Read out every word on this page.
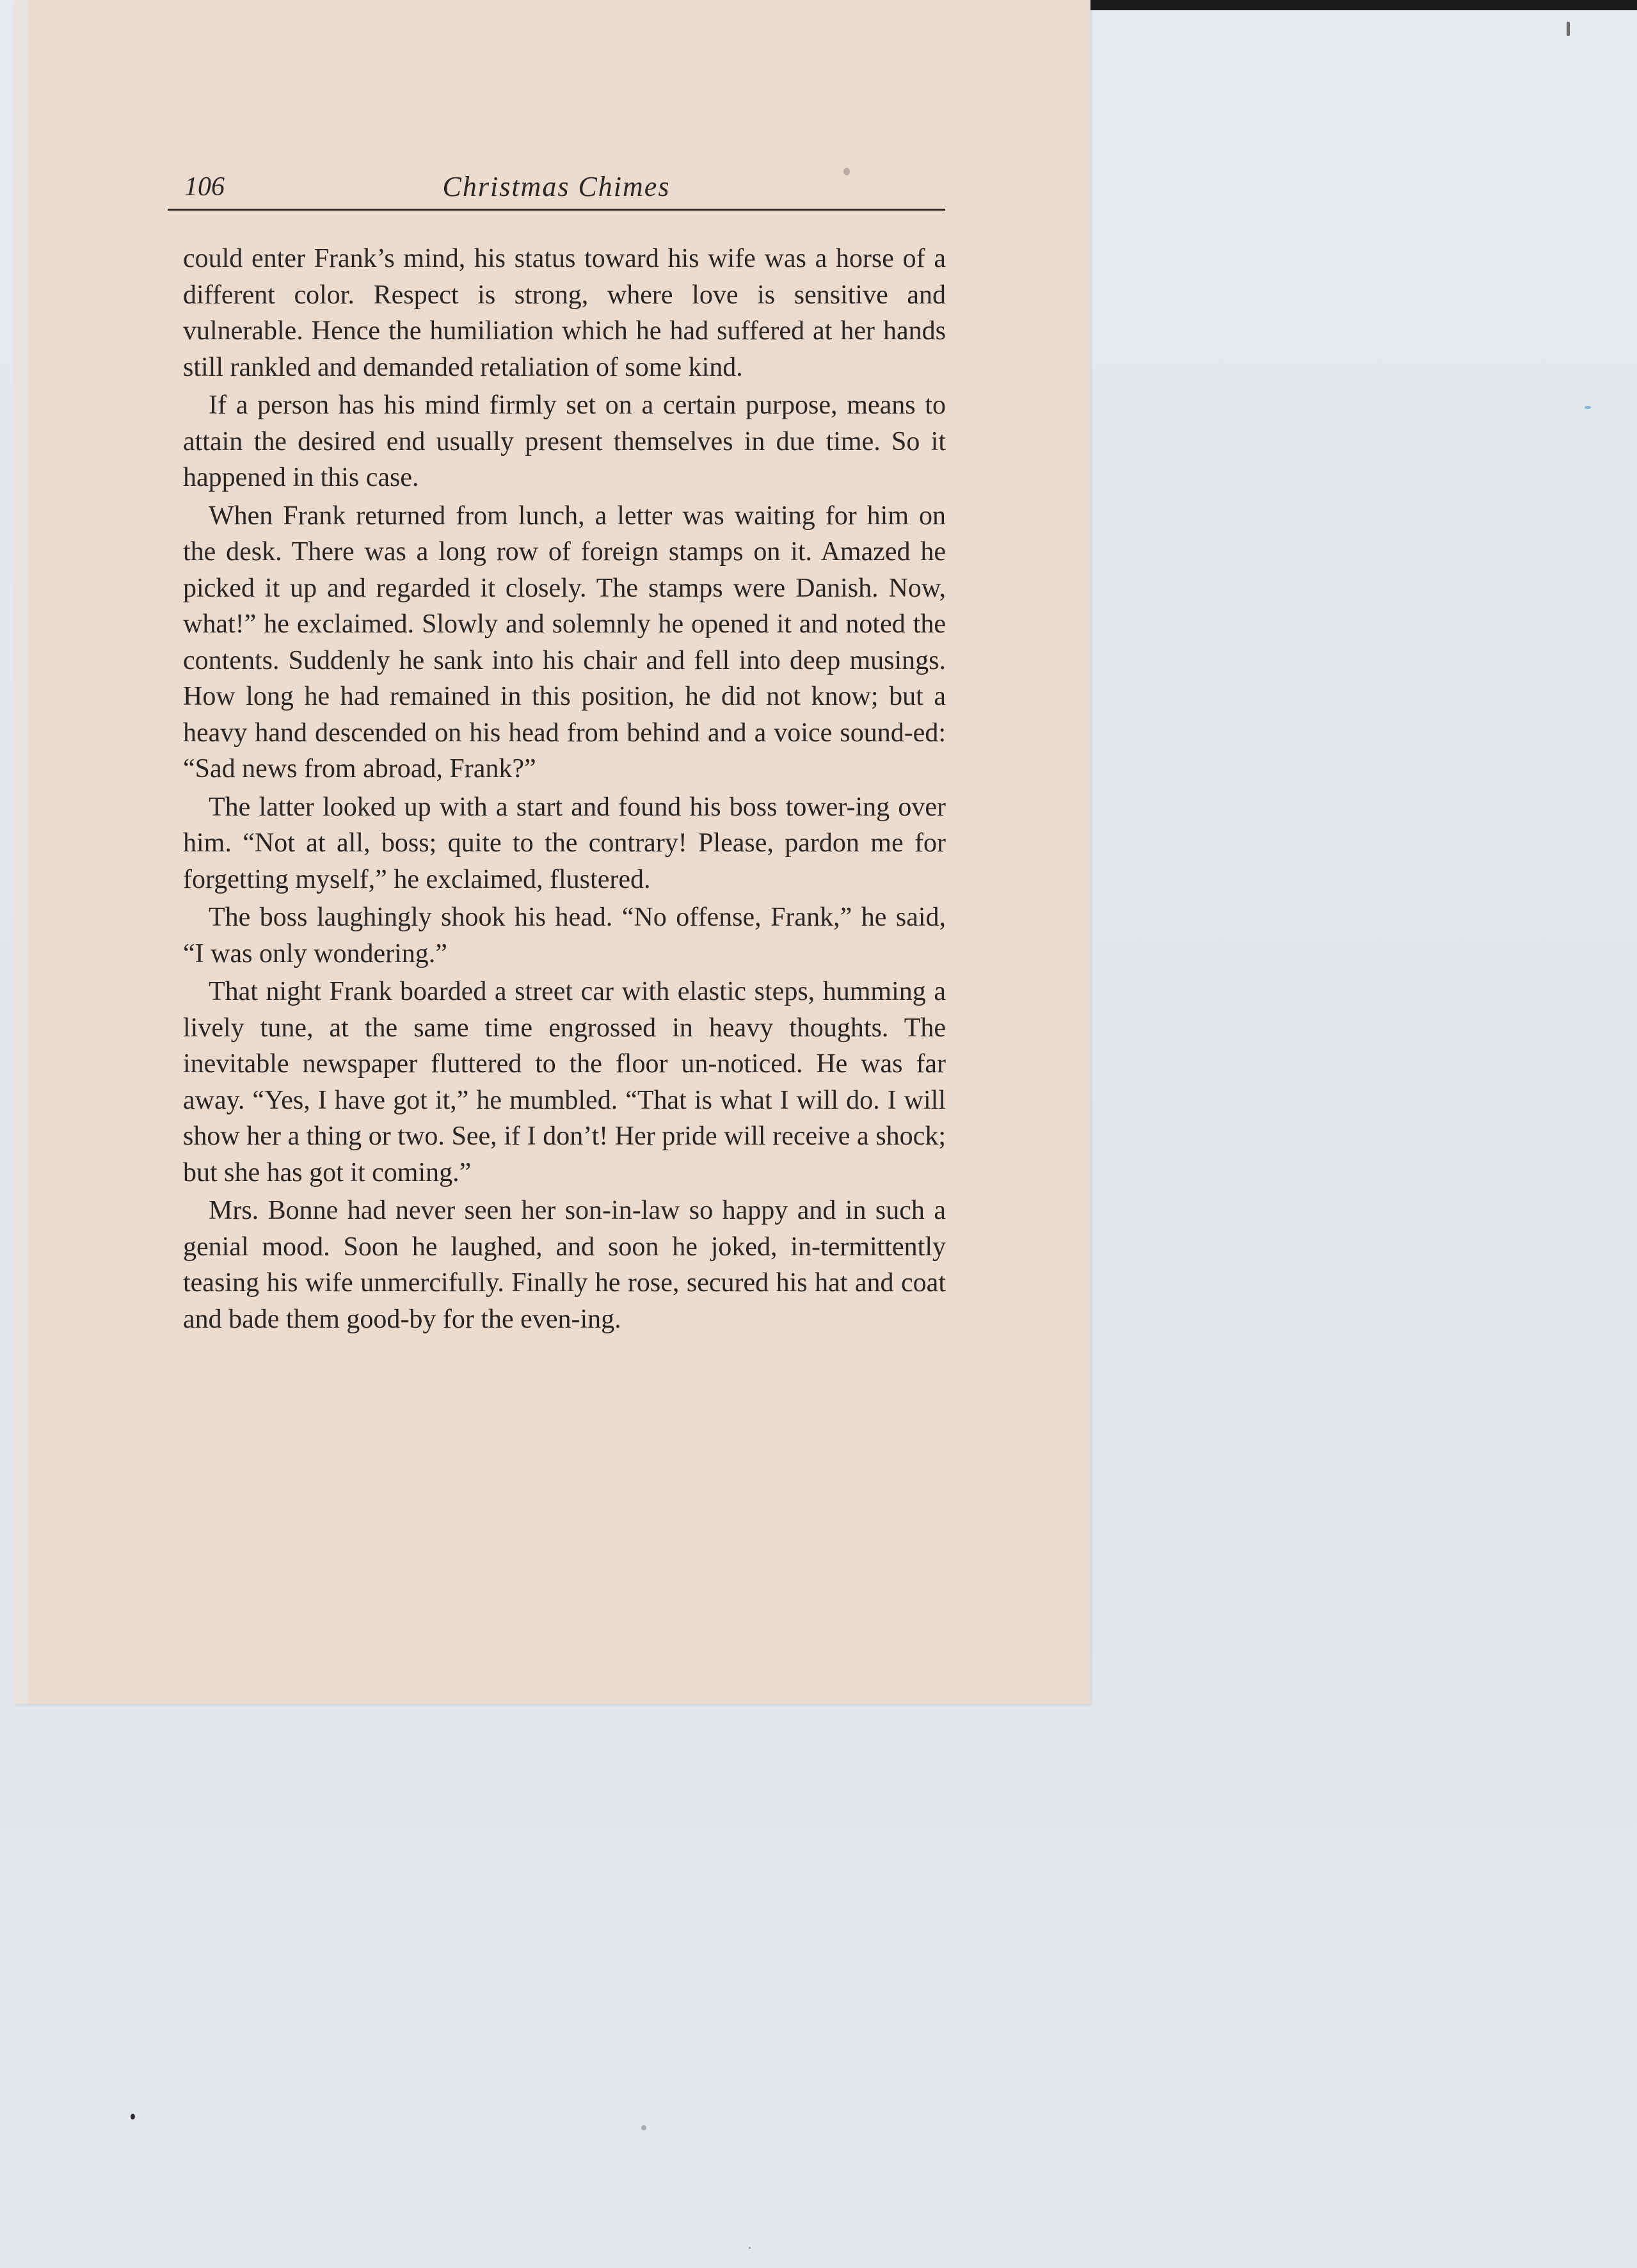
106	Christmas Chimes

could enter Frank’s mind, his status toward his wife was a horse of a different color. Respect is strong, where love is sensitive and vulnerable. Hence the humiliation which he had suffered at her hands still rankled and demanded retaliation of some kind.

If a person has his mind firmly set on a certain purpose, means to attain the desired end usually present themselves in due time. So it happened in this case.

When Frank returned from lunch, a letter was waiting for him on the desk. There was a long row of foreign stamps on it. Amazed he picked it up and regarded it closely. The stamps were Danish. Now, what!” he exclaimed. Slowly and solemnly he opened it and noted the contents. Suddenly he sank into his chair and fell into deep musings. How long he had remained in this position, he did not know; but a heavy hand descended on his head from behind and a voice sound-ed: “Sad news from abroad, Frank?”

The latter looked up with a start and found his boss tower-ing over him. “Not at all, boss; quite to the contrary! Please, pardon me for forgetting myself,” he exclaimed, flustered.

The boss laughingly shook his head. “No offense, Frank,” he said, “I was only wondering.”

That night Frank boarded a street car with elastic steps, humming a lively tune, at the same time engrossed in heavy thoughts. The inevitable newspaper fluttered to the floor un-noticed. He was far away. “Yes, I have got it,” he mumbled. “That is what I will do. I will show her a thing or two. See, if I don’t! Her pride will receive a shock; but she has got it coming.”

Mrs. Bonne had never seen her son-in-law so happy and in such a genial mood. Soon he laughed, and soon he joked, in-termittently teasing his wife unmercifully. Finally he rose, secured his hat and coat and bade them good-by for the even-ing.
